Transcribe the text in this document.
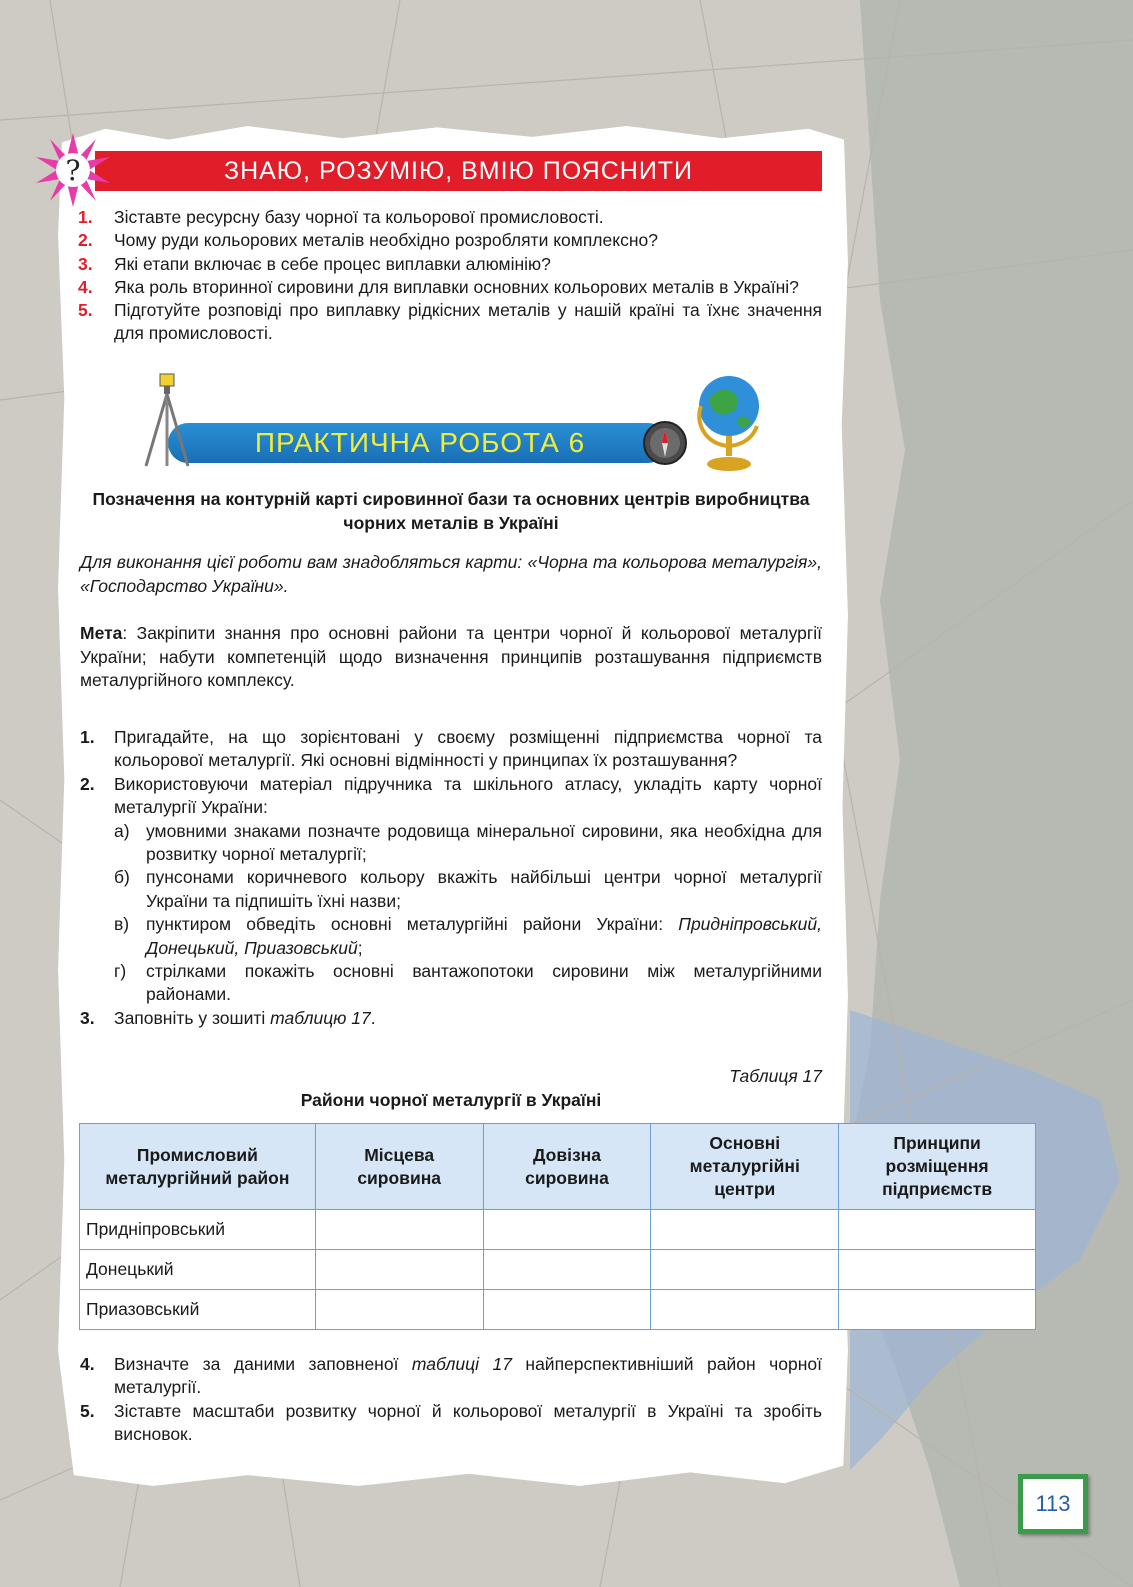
ЗНАЮ, РОЗУМІЮ, ВМІЮ ПОЯСНИТИ
?
1.	Зіставте ресурсну базу чорної та кольорової промисловості.
2.	Чому руди кольорових металів необхідно розробляти комплексно?
3.	Які етапи включає в себе процес виплавки алюмінію?
4.	Яка роль вторинної сировини для виплавки основних кольорових металів в Україні?
5.	Підготуйте розповіді про виплавку рідкісних металів у нашій країні та їхнє значення для промисловості.
ПРАКТИЧНА РОБОТА 6
Позначення на контурній карті сировинної бази та основних центрів виробництва чорних металів в Україні
Для виконання цієї роботи вам знадобляться карти: «Чорна та кольорова металургія», «Господарство України».
Мета: Закріпити знання про основні райони та центри чорної й кольорової металургії України; набути компетенцій щодо визначення принципів розташування підприємств металургійного комплексу.
1.	Пригадайте, на що зорієнтовані у своєму розміщенні підприємства чорної та кольорової металургії. Які основні відмінності у принципах їх розташування?
2.	Використовуючи матеріал підручника та шкільного атласу, укладіть карту чорної металургії України:
а) умовними знаками позначте родовища мінеральної сировини, яка необхідна для розвитку чорної металургії;
б) пунсонами коричневого кольору вкажіть найбільші центри чорної металургії України та підпишіть їхні назви;
в) пунктиром обведіть основні металургійні райони України: Придніпровський, Донецький, Приазовський;
г)	стрілками покажіть основні вантажопотоки сировини між металургійними районами.
3.	Заповніть у зошиті таблицю 17.
Таблиця 17
Райони чорної металургії в Україні
Промисловий металургійний район	Місцева сировина	Довізна сировина	Основні металургійні центри	Принципи розміщення підприємств
Придніпровський				
Донецький				
Приазовський				
4.	Визначте за даними заповненої таблиці 17 найперспективніший район чорної металургії.
5.	Зіставте масштаби розвитку чорної й кольорової металургії в Україні та зробіть висновок.
113
